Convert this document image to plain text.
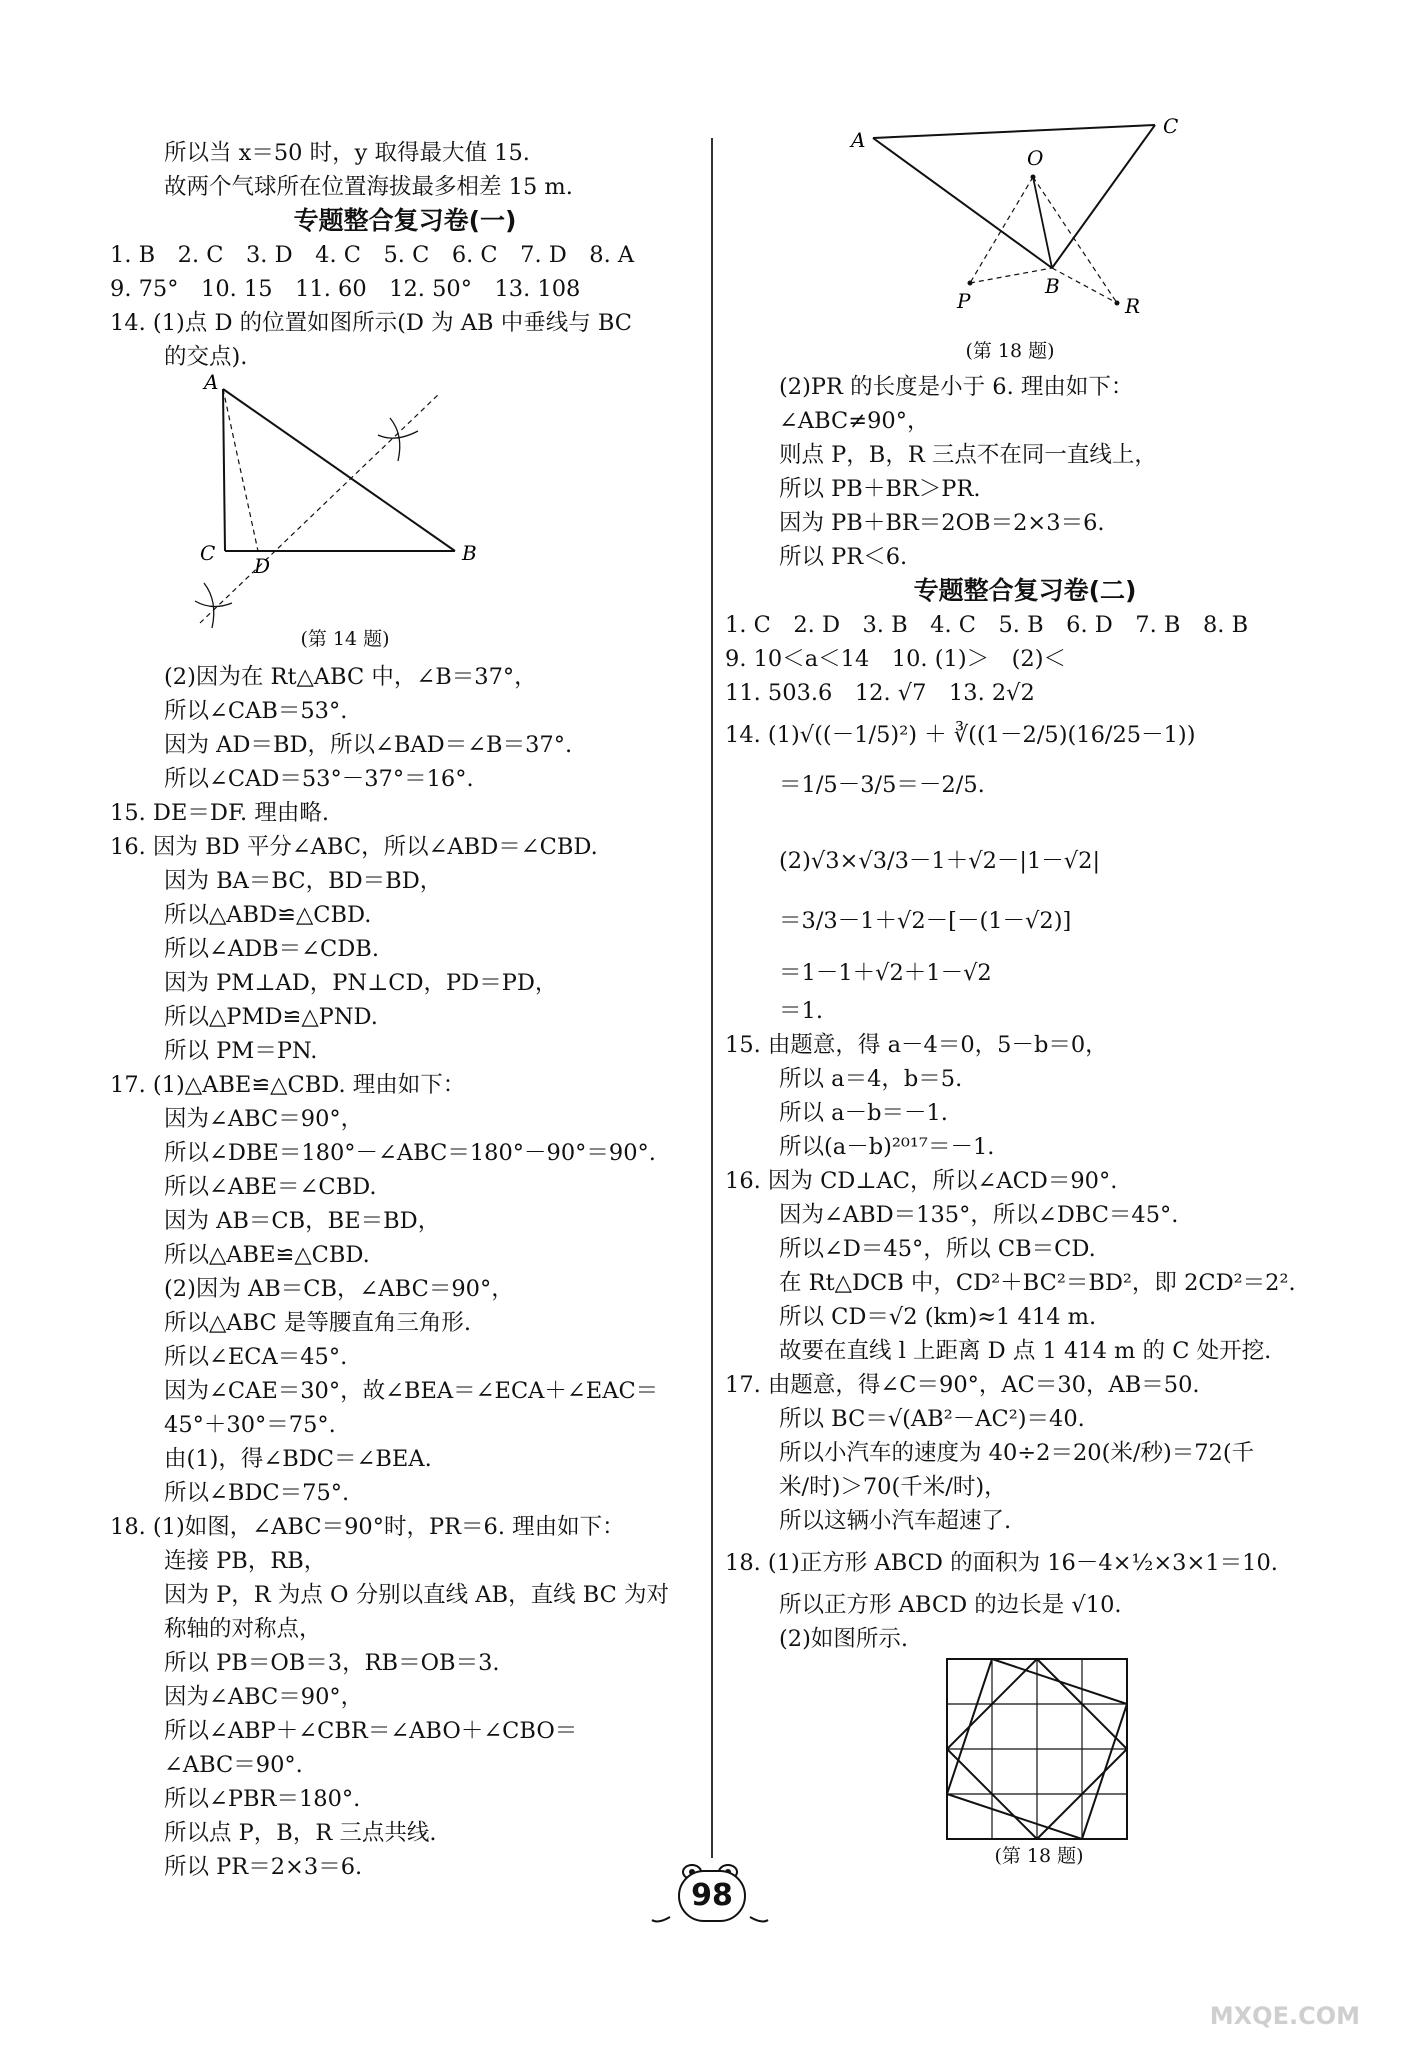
专题整合复习卷(一)
所以当 x＝50 时，y 取得最大值 15.
故两个气球所在位置海拔最多相差 15 m.
1. B　2. C　3. D　4. C　5. C　6. C　7. D　8. A
9. 75°　10. 15　11. 60　12. 50°　13. 108
14. (1)点 D 的位置如图所示(D 为 AB 中垂线与 BC
的交点).
(2)因为在 Rt△ABC 中，∠B＝37°，
所以∠CAB＝53°.
因为 AD＝BD，所以∠BAD＝∠B＝37°.
所以∠CAD＝53°－37°＝16°.
15. DE＝DF. 理由略.
16. 因为 BD 平分∠ABC，所以∠ABD＝∠CBD.
因为 BA＝BC，BD＝BD，
所以△ABD≌△CBD.
所以∠ADB＝∠CDB.
因为 PM⊥AD，PN⊥CD，PD＝PD，
所以△PMD≌△PND.
所以 PM＝PN.
17. (1)△ABE≌△CBD. 理由如下：
因为∠ABC＝90°，
所以∠DBE＝180°－∠ABC＝180°－90°＝90°.
所以∠ABE＝∠CBD.
因为 AB＝CB，BE＝BD，
所以△ABE≌△CBD.
(2)因为 AB＝CB，∠ABC＝90°，
所以△ABC 是等腰直角三角形.
所以∠ECA＝45°.
因为∠CAE＝30°，故∠BEA＝∠ECA＋∠EAC＝
45°＋30°＝75°.
由(1)，得∠BDC＝∠BEA.
所以∠BDC＝75°.
18. (1)如图，∠ABC＝90°时，PR＝6. 理由如下：
连接 PB，RB，
因为 P，R 为点 O 分别以直线 AB，直线 BC 为对
称轴的对称点，
所以 PB＝OB＝3，RB＝OB＝3.
因为∠ABC＝90°，
所以∠ABP＋∠CBR＝∠ABO＋∠CBO＝
∠ABC＝90°.
所以∠PBR＝180°.
所以点 P，B，R 三点共线.
所以 PR＝2×3＝6.
A
C	B
D
(第 14 题)
专题整合复习卷(二)
(2)PR 的长度是小于 6. 理由如下：
∠ABC≠90°，
则点 P，B，R 三点不在同一直线上，
所以 PB＋BR＞PR.
因为 PB＋BR＝2OB＝2×3＝6.
所以 PR＜6.
1. C　2. D　3. B　4. C　5. B　6. D　7. B　8. B
9. 10＜a＜14　10. (1)＞　(2)＜
11. 503.6　12. √7　13. 2√2
14. (1)√((－1/5)²) ＋ ∛((1－2/5)(16/25－1))
＝1/5－3/5＝－2/5.
(2)√3×√3/3－1＋√2－|1－√2|
＝3/3－1＋√2－[－(1－√2)]
＝1－1＋√2＋1－√2
＝1.
15. 由题意，得 a－4＝0，5－b＝0，
所以 a＝4，b＝5.
所以 a－b＝－1.
所以(a－b)²⁰¹⁷＝－1.
16. 因为 CD⊥AC，所以∠ACD＝90°.
因为∠ABD＝135°，所以∠DBC＝45°.
所以∠D＝45°，所以 CB＝CD.
在 Rt△DCB 中，CD²＋BC²＝BD²，即 2CD²＝2².
所以 CD＝√2 (km)≈1 414 m.
故要在直线 l 上距离 D 点 1 414 m 的 C 处开挖.
17. 由题意，得∠C＝90°，AC＝30，AB＝50.
所以 BC＝√(AB²－AC²)＝40.
所以小汽车的速度为 40÷2＝20(米/秒)＝72(千
米/时)＞70(千米/时)，
所以这辆小汽车超速了.
18. (1)正方形 ABCD 的面积为 16－4×½×3×1＝10.
所以正方形 ABCD 的边长是 √10.
(2)如图所示.
A
C
O
B
P	R
(第 18 题)
(第 18 题)
98
MXQE.COM
